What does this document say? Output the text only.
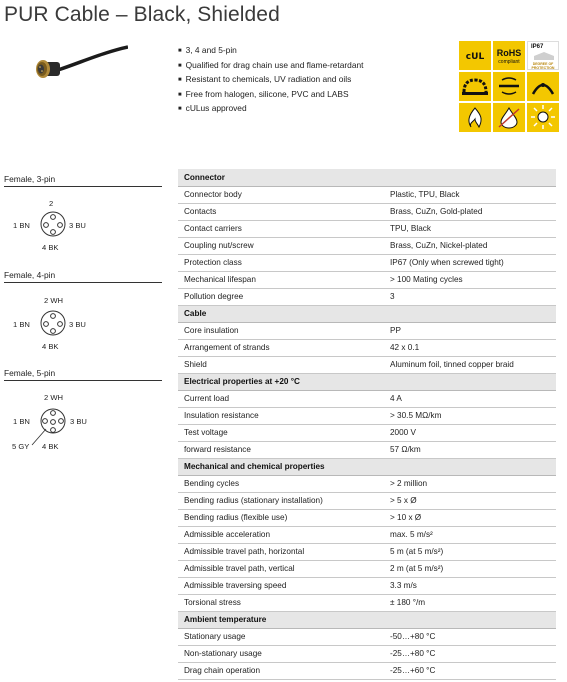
PUR Cable – Black, Shielded
■ 3, 4 and 5-pin
■ Qualified for drag chain use and flame-retardant
■ Resistant to chemicals, UV radiation and oils
■ Free from halogen, silicone, PVC and LABS
■ cULus approved
cUL	RoHS
compliant
IP67
DEGREE OF PROTECTION
Female, 3-pin
2
1 BN	3 BU
4 BK
Female, 4-pin
2 WH
1 BN	3 BU
4 BK
Female, 5-pin
2 WH
1 BN	3 BU
5 GY 4 BK
Connector	
Connector body	Plastic, TPU, Black
Contacts	Brass, CuZn, Gold-plated
Contact carriers	TPU, Black
Coupling nut/screw	Brass, CuZn, Nickel-plated
Protection class	IP67 (Only when screwed tight)
Mechanical lifespan	> 100 Mating cycles
Pollution degree	3
Cable	
Core insulation	PP
Arrangement of strands	42 x 0.1
Shield	Aluminum foil, tinned copper braid
Electrical properties at +20 °C	
Current load	4 A
Insulation resistance	> 30.5 MΩ/km
Test voltage	2000 V
forward resistance	57 Ω/km
Mechanical and chemical properties	
Bending cycles	> 2 million
Bending radius (stationary installation)	> 5 x Ø
Bending radius (flexible use)	> 10 x Ø
Admissible acceleration	max. 5 m/s²
Admissible travel path, horizontal	5 m (at 5 m/s²)
Admissible travel path, vertical	2 m (at 5 m/s²)
Admissible traversing speed	3.3 m/s
Torsional stress	± 180 °/m
Ambient temperature	
Stationary usage	-50…+80 °C
Non-stationary usage	-25…+80 °C
Drag chain operation	-25…+60 °C
